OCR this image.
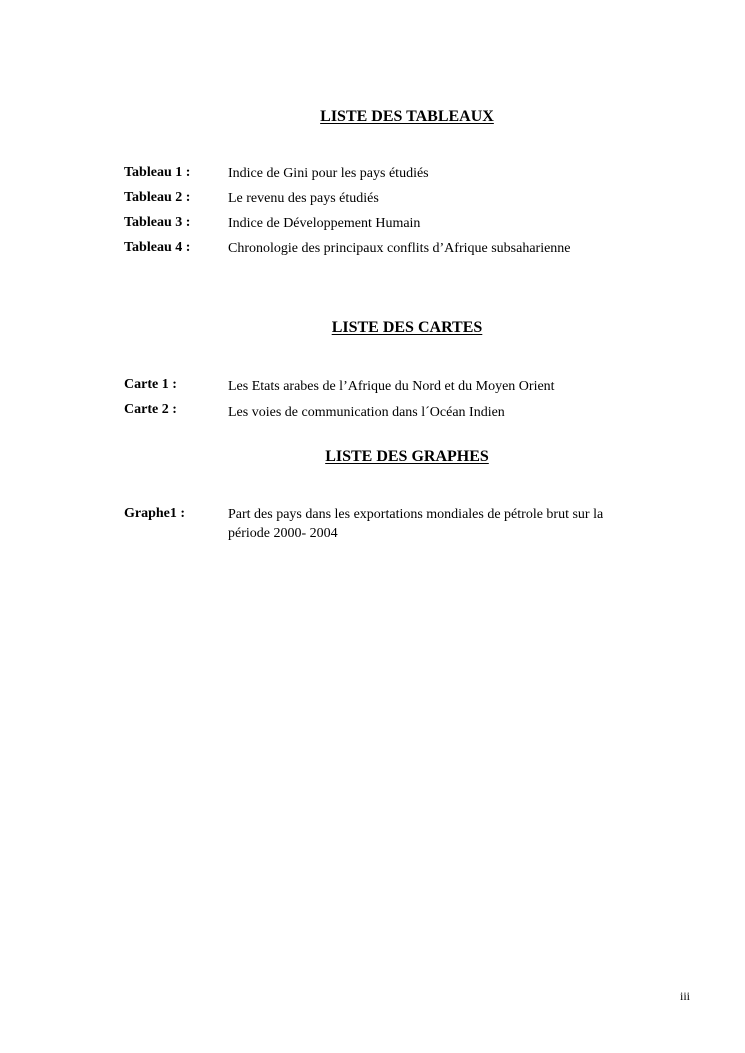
LISTE DES TABLEAUX
Tableau 1 :	Indice de Gini pour les pays étudiés
Tableau 2 :	Le revenu des pays étudiés
Tableau 3 :	Indice de Développement Humain
Tableau 4 :	Chronologie des principaux conflits d’Afrique subsaharienne
LISTE DES CARTES
Carte 1 :	Les Etats arabes de l’Afrique du Nord et du Moyen Orient
Carte 2 :	Les voies de communication dans l´Océan Indien
LISTE DES GRAPHES
Graphe1 :	Part des pays dans les exportations mondiales de pétrole brut sur la période 2000- 2004
iii
